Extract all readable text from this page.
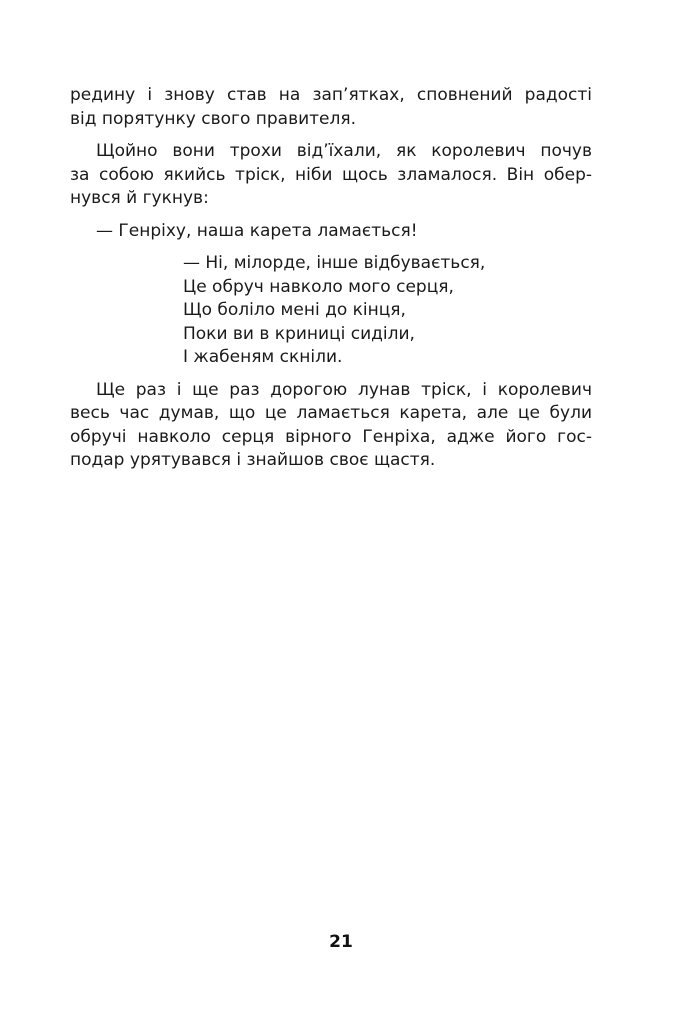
редину і знову став на зап’ятках, сповнений радості
від порятунку свого правителя.

Щойно вони трохи від’їхали, як королевич почув
за собою якийсь тріск, ніби щось зламалося. Він обер-
нувся й гукнув:

— Генріху, наша карета ламається!

— Ні, мілорде, інше відбувається,
Це обруч навколо мого серця,
Що боліло мені до кінця,
Поки ви в криниці сиділи,
І жабеням скніли.

Ще раз і ще раз дорогою лунав тріск, і королевич
весь час думав, що це ламається карета, але це були
обручі навколо серця вірного Генріха, адже його гос-
подар урятувався і знайшов своє щастя.

21
